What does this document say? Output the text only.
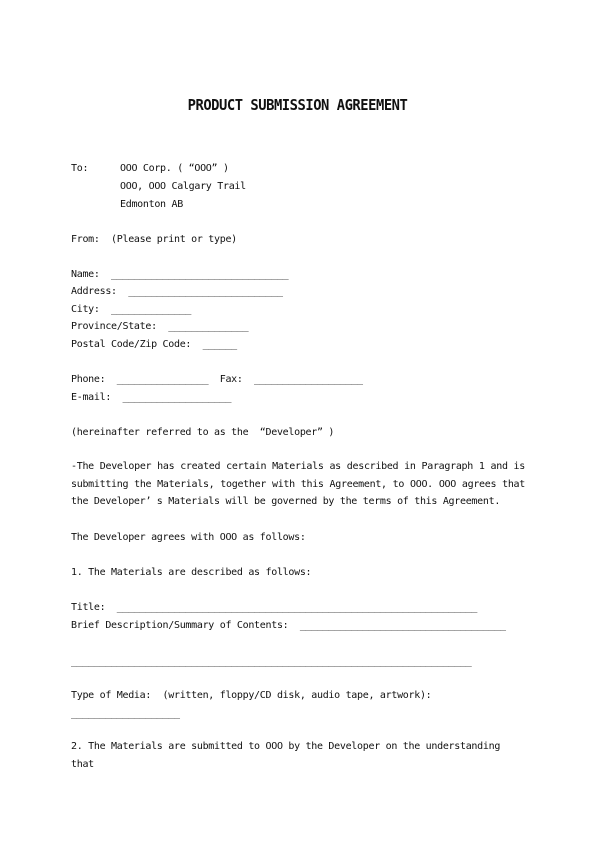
PRODUCT SUBMISSION AGREEMENT
To:	OOO Corp. ( “OOO” )
OOO, OOO Calgary Trail
Edmonton AB
From:  (Please print or type)
Name:  _______________________________
Address:  ___________________________
City:  ______________
Province/State:  ______________
Postal Code/Zip Code:  ______
Phone:  ________________  Fax:  ___________________
E-mail:  ___________________
(hereinafter referred to as the  “Developer” )
-The Developer has created certain Materials as described in Paragraph 1 and is submitting the Materials, together with this Agreement, to OOO. OOO agrees that the Developer’ s Materials will be governed by the terms of this Agreement.
The Developer agrees with OOO as follows:
1. The Materials are described as follows:
Title:  _______________________________________________________________
Brief Description/Summary of Contents:  ____________________________________
______________________________________________________________________
Type of Media:  (written, floppy/CD disk, audio tape, artwork):
___________________
2. The Materials are submitted to OOO by the Developer on the understanding that
